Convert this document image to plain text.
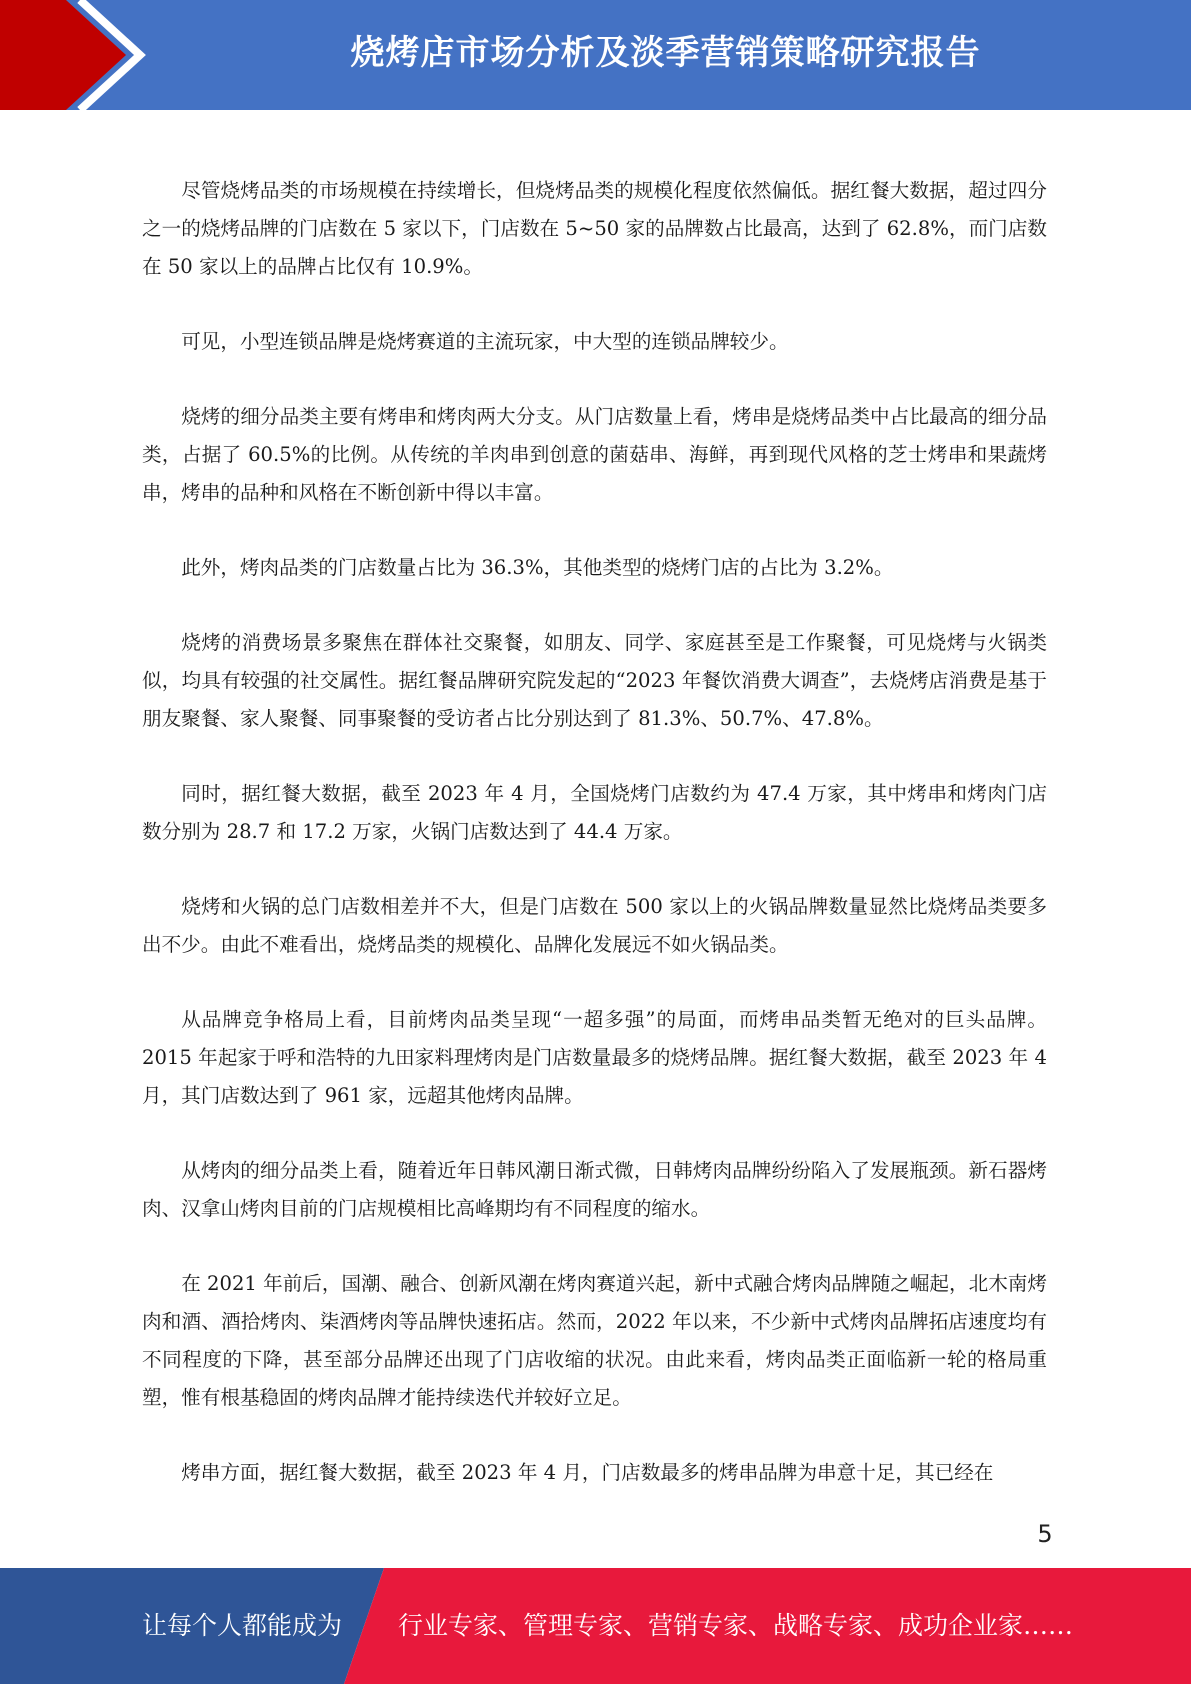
烧烤店市场分析及淡季营销策略研究报告

尽管烧烤品类的市场规模在持续增长，但烧烤品类的规模化程度依然偏低。据红餐大数据，超过四分之一的烧烤品牌的门店数在 5 家以下，门店数在 5~50 家的品牌数占比最高，达到了 62.8%，而门店数在 50 家以上的品牌占比仅有 10.9%。

可见，小型连锁品牌是烧烤赛道的主流玩家，中大型的连锁品牌较少。

烧烤的细分品类主要有烤串和烤肉两大分支。从门店数量上看，烤串是烧烤品类中占比最高的细分品类，占据了 60.5%的比例。从传统的羊肉串到创意的菌菇串、海鲜，再到现代风格的芝士烤串和果蔬烤串，烤串的品种和风格在不断创新中得以丰富。

此外，烤肉品类的门店数量占比为 36.3%，其他类型的烧烤门店的占比为 3.2%。

烧烤的消费场景多聚焦在群体社交聚餐，如朋友、同学、家庭甚至是工作聚餐，可见烧烤与火锅类似，均具有较强的社交属性。据红餐品牌研究院发起的“2023 年餐饮消费大调查”，去烧烤店消费是基于朋友聚餐、家人聚餐、同事聚餐的受访者占比分别达到了 81.3%、50.7%、47.8%。

同时，据红餐大数据，截至 2023 年 4 月，全国烧烤门店数约为 47.4 万家，其中烤串和烤肉门店数分别为 28.7 和 17.2 万家，火锅门店数达到了 44.4 万家。

烧烤和火锅的总门店数相差并不大，但是门店数在 500 家以上的火锅品牌数量显然比烧烤品类要多出不少。由此不难看出，烧烤品类的规模化、品牌化发展远不如火锅品类。

从品牌竞争格局上看，目前烤肉品类呈现“一超多强”的局面，而烤串品类暂无绝对的巨头品牌。2015 年起家于呼和浩特的九田家料理烤肉是门店数量最多的烧烤品牌。据红餐大数据，截至 2023 年 4 月，其门店数达到了 961 家，远超其他烤肉品牌。

从烤肉的细分品类上看，随着近年日韩风潮日渐式微，日韩烤肉品牌纷纷陷入了发展瓶颈。新石器烤肉、汉拿山烤肉目前的门店规模相比高峰期均有不同程度的缩水。

在 2021 年前后，国潮、融合、创新风潮在烤肉赛道兴起，新中式融合烤肉品牌随之崛起，北木南烤肉和酒、酒拾烤肉、柒酒烤肉等品牌快速拓店。然而，2022 年以来，不少新中式烤肉品牌拓店速度均有不同程度的下降，甚至部分品牌还出现了门店收缩的状况。由此来看，烤肉品类正面临新一轮的格局重塑，惟有根基稳固的烤肉品牌才能持续迭代并较好立足。

烤串方面，据红餐大数据，截至 2023 年 4 月，门店数最多的烤串品牌为串意十足，其已经在

5
让每个人都能成为 行业专家、管理专家、营销专家、战略专家、成功企业家……
